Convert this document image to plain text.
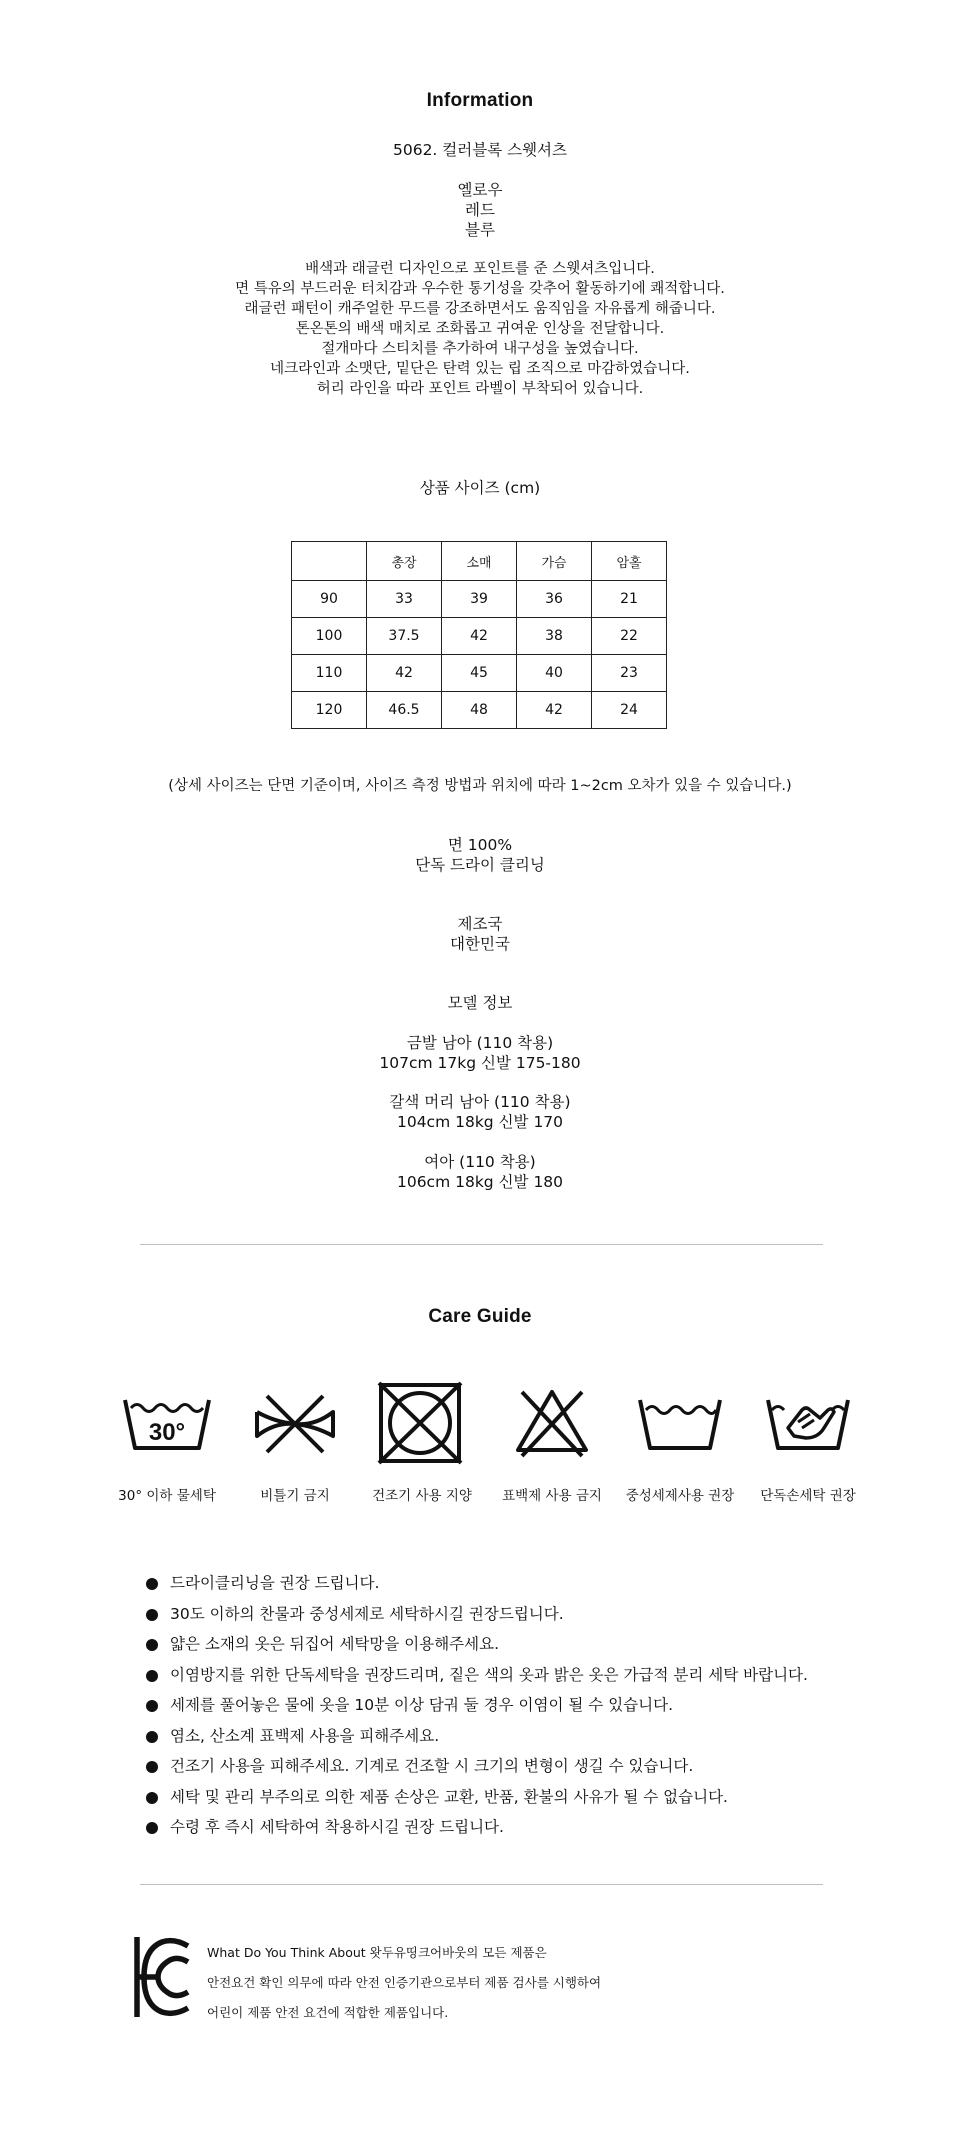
Information
5062. 컬러블록 스웻셔츠
옐로우
레드
블루
배색과 래글런 디자인으로 포인트를 준 스웻셔츠입니다.
면 특유의 부드러운 터치감과 우수한 통기성을 갖추어 활동하기에 쾌적합니다.
래글런 패턴이 캐주얼한 무드를 강조하면서도 움직임을 자유롭게 해줍니다.
톤온톤의 배색 매치로 조화롭고 귀여운 인상을 전달합니다.
절개마다 스티치를 추가하여 내구성을 높였습니다.
네크라인과 소맷단, 밑단은 탄력 있는 립 조직으로 마감하였습니다.
허리 라인을 따라 포인트 라벨이 부착되어 있습니다.
상품 사이즈 (cm)
	총장	소매	가슴	암홀
90	33	39	36	21
100	37.5	42	38	22
110	42	45	40	23
120	46.5	48	42	24
(상세 사이즈는 단면 기준이며, 사이즈 측정 방법과 위치에 따라 1~2cm 오차가 있을 수 있습니다.)
면 100%
단독 드라이 클리닝
제조국
대한민국
모델 정보
금발 남아 (110 착용)
107cm 17kg 신발 175-180
갈색 머리 남아 (110 착용)
104cm 18kg 신발 170
여아 (110 착용)
106cm 18kg 신발 180
Care Guide
30°
30° 이하 물세탁	비틀기 금지	건조기 사용 지양	표백제 사용 금지	중성세제사용 권장	단독손세탁 권장
드라이클리닝을 권장 드립니다.
30도 이하의 찬물과 중성세제로 세탁하시길 권장드립니다.
얇은 소재의 옷은 뒤집어 세탁망을 이용해주세요.
이염방지를 위한 단독세탁을 권장드리며, 짙은 색의 옷과 밝은 옷은 가급적 분리 세탁 바랍니다.
세제를 풀어놓은 물에 옷을 10분 이상 담궈 둘 경우 이염이 될 수 있습니다.
염소, 산소계 표백제 사용을 피해주세요.
건조기 사용을 피해주세요. 기계로 건조할 시 크기의 변형이 생길 수 있습니다.
세탁 및 관리 부주의로 의한 제품 손상은 교환, 반품, 환불의 사유가 될 수 없습니다.
수령 후 즉시 세탁하여 착용하시길 권장 드립니다.
What Do You Think About 왓두유띵크어바웃의 모든 제품은
안전요건 확인 의무에 따라 안전 인증기관으로부터 제품 검사를 시행하여
어린이 제품 안전 요건에 적합한 제품입니다.
